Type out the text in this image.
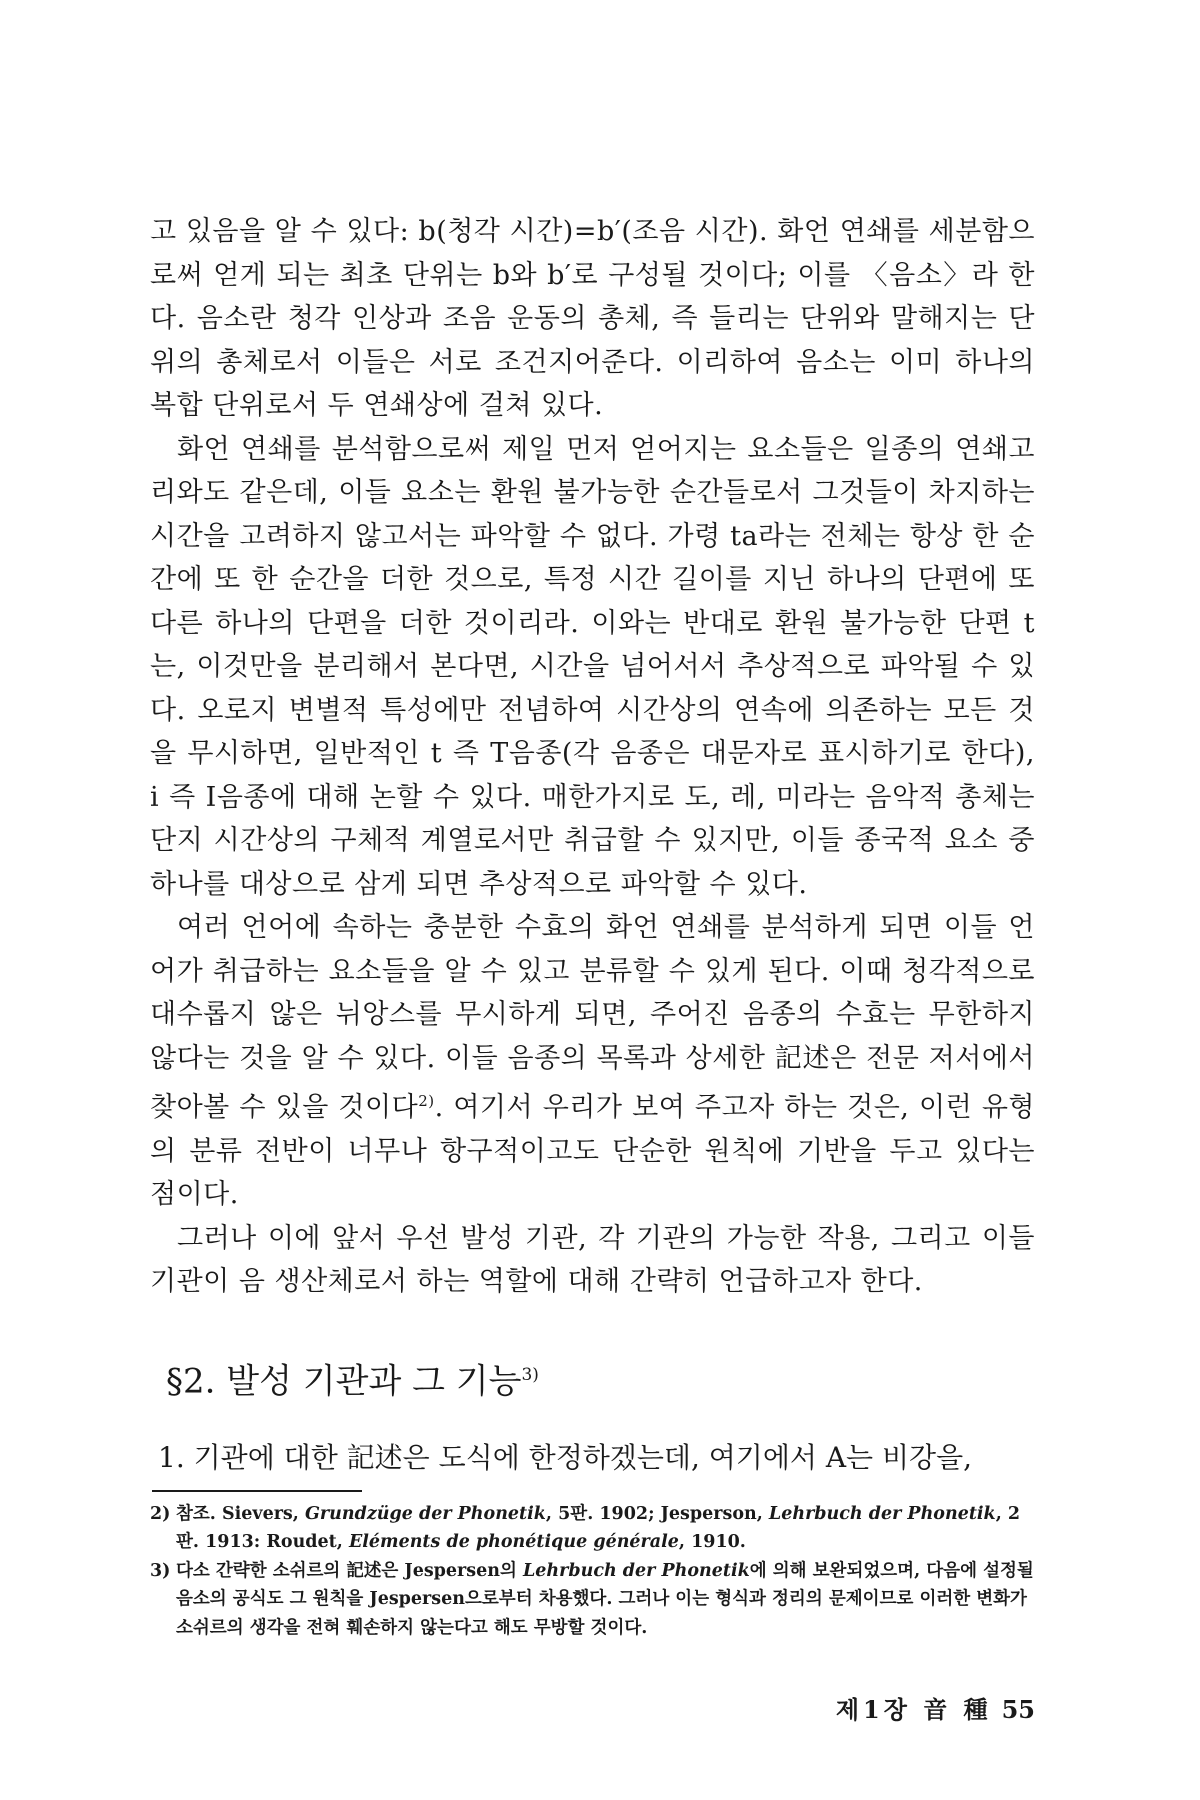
고 있음을 알 수 있다: b(청각 시간)=b′(조음 시간). 화언 연쇄를 세분함으로써 얻게 되는 최초 단위는 b와 b′로 구성될 것이다; 이를 〈음소〉라 한다. 음소란 청각 인상과 조음 운동의 총체, 즉 들리는 단위와 말해지는 단위의 총체로서 이들은 서로 조건지어준다. 이리하여 음소는 이미 하나의 복합 단위로서 두 연쇄상에 걸쳐 있다.

화언 연쇄를 분석함으로써 제일 먼저 얻어지는 요소들은 일종의 연쇄고리와도 같은데, 이들 요소는 환원 불가능한 순간들로서 그것들이 차지하는 시간을 고려하지 않고서는 파악할 수 없다. 가령 ta라는 전체는 항상 한 순간에 또 한 순간을 더한 것으로, 특정 시간 길이를 지닌 하나의 단편에 또 다른 하나의 단편을 더한 것이리라. 이와는 반대로 환원 불가능한 단편 t는, 이것만을 분리해서 본다면, 시간을 넘어서서 추상적으로 파악될 수 있다. 오로지 변별적 특성에만 전념하여 시간상의 연속에 의존하는 모든 것을 무시하면, 일반적인 t 즉 T음종(각 음종은 대문자로 표시하기로 한다), i 즉 I음종에 대해 논할 수 있다. 매한가지로 도, 레, 미라는 음악적 총체는 단지 시간상의 구체적 계열로서만 취급할 수 있지만, 이들 종국적 요소 중 하나를 대상으로 삼게 되면 추상적으로 파악할 수 있다.

여러 언어에 속하는 충분한 수효의 화언 연쇄를 분석하게 되면 이들 언어가 취급하는 요소들을 알 수 있고 분류할 수 있게 된다. 이때 청각적으로 대수롭지 않은 뉘앙스를 무시하게 되면, 주어진 음종의 수효는 무한하지 않다는 것을 알 수 있다. 이들 음종의 목록과 상세한 記述은 전문 저서에서 찾아볼 수 있을 것이다$^{2)}$. 여기서 우리가 보여 주고자 하는 것은, 이런 유형의 분류 전반이 너무나 항구적이고도 단순한 원칙에 기반을 두고 있다는 점이다.

그러나 이에 앞서 우선 발성 기관, 각 기관의 가능한 작용, 그리고 이들 기관이 음 생산체로서 하는 역할에 대해 간략히 언급하고자 한다.

§2. 발성 기관과 그 기능$^{3)}$
1. 기관에 대한 記述은 도식에 한정하겠는데, 여기에서 A는 비강을,
2) 참조. Sievers, Grundzüge der Phonetik, 5판. 1902; Jesperson, Lehrbuch der Phonetik, 2판. 1913: Roudet, Eléments de phonétique générale, 1910.
3) 다소 간략한 소쉬르의 記述은 Jespersen의 Lehrbuch der Phonetik에 의해 보완되었으며, 다음에 설정될 음소의 공식도 그 원칙을 Jespersen으로부터 차용했다. 그러나 이는 형식과 정리의 문제이므로 이러한 변화가 소쉬르의 생각을 전혀 훼손하지 않는다고 해도 무방할 것이다.
제1장 音 種 55
